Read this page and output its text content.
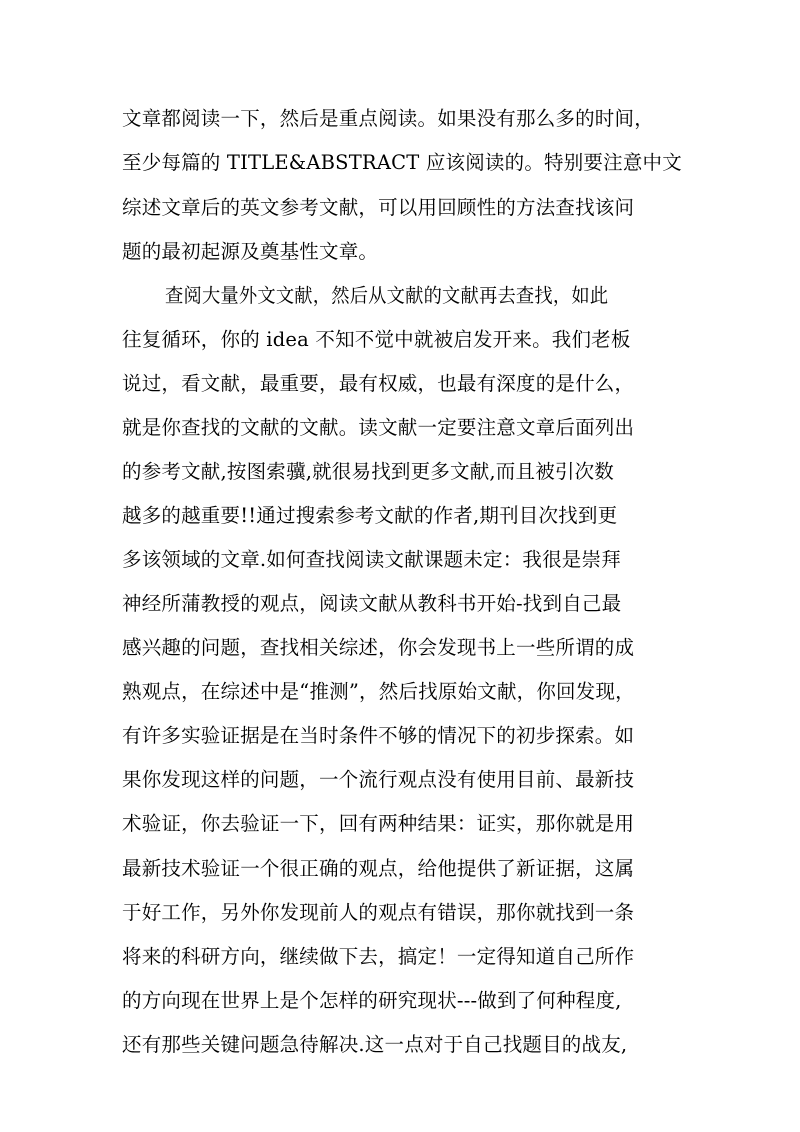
文章都阅读一下，然后是重点阅读。如果没有那么多的时间，
至少每篇的 TITLE&ABSTRACT 应该阅读的。特别要注意中文
综述文章后的英文参考文献，可以用回顾性的方法查找该问
题的最初起源及奠基性文章。
查阅大量外文文献，然后从文献的文献再去查找，如此
往复循环，你的 idea 不知不觉中就被启发开来。我们老板
说过，看文献，最重要，最有权威，也最有深度的是什么，
就是你查找的文献的文献。读文献一定要注意文章后面列出
的参考文献,按图索骥,就很易找到更多文献,而且被引次数
越多的越重要!!通过搜索参考文献的作者,期刊目次找到更
多该领域的文章.如何查找阅读文献课题未定：我很是崇拜
神经所蒲教授的观点，阅读文献从教科书开始-找到自己最
感兴趣的问题，查找相关综述，你会发现书上一些所谓的成
熟观点，在综述中是“推测”，然后找原始文献，你回发现，
有许多实验证据是在当时条件不够的情况下的初步探索。如
果你发现这样的问题，一个流行观点没有使用目前、最新技
术验证，你去验证一下，回有两种结果：证实，那你就是用
最新技术验证一个很正确的观点，给他提供了新证据，这属
于好工作，另外你发现前人的观点有错误，那你就找到一条
将来的科研方向，继续做下去，搞定！一定得知道自己所作
的方向现在世界上是个怎样的研究现状---做到了何种程度,
还有那些关键问题急待解决.这一点对于自己找题目的战友,
